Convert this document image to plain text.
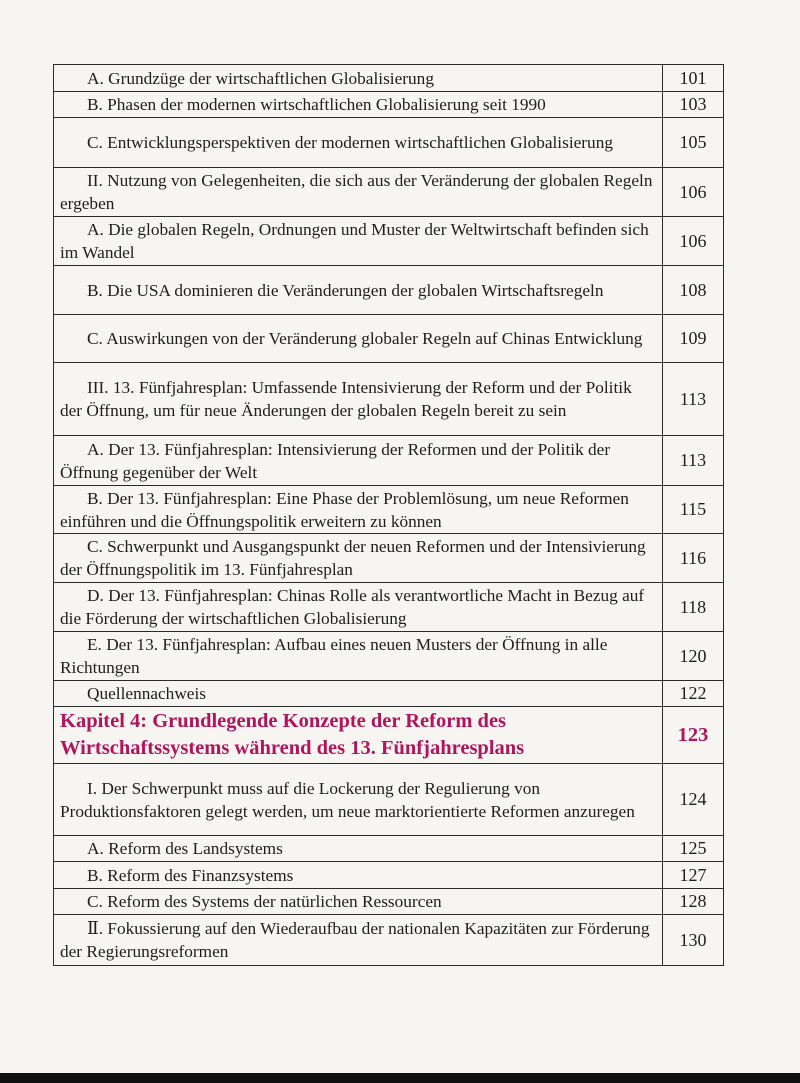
A. Grundzüge der wirtschaftlichen Globalisierung	101
B. Phasen der modernen wirtschaftlichen Globalisierung seit 1990	103
C. Entwicklungsperspektiven der modernen wirtschaftlichen Globalisierung	105
II. Nutzung von Gelegenheiten, die sich aus der Veränderung der globalen Regeln ergeben	106
A. Die globalen Regeln, Ordnungen und Muster der Weltwirtschaft befinden sich im Wandel	106
B. Die USA dominieren die Veränderungen der globalen Wirtschaftsregeln	108
C. Auswirkungen von der Veränderung globaler Regeln auf Chinas Entwicklung	109
III. 13. Fünfjahresplan: Umfassende Intensivierung der Reform und der Politik der Öffnung, um für neue Änderungen der globalen Regeln bereit zu sein	113
A. Der 13. Fünfjahresplan: Intensivierung der Reformen und der Politik der Öffnung gegenüber der Welt	113
B. Der 13. Fünfjahresplan: Eine Phase der Problemlösung, um neue Reformen einführen und die Öffnungspolitik erweitern zu können	115
C. Schwerpunkt und Ausgangspunkt der neuen Reformen und der Intensivierung der Öffnungspolitik im 13. Fünfjahresplan	116
D. Der 13. Fünfjahresplan: Chinas Rolle als verantwortliche Macht in Bezug auf die Förderung der wirtschaftlichen Globalisierung	118
E. Der 13. Fünfjahresplan: Aufbau eines neuen Musters der Öffnung in alle Richtungen	120
Quellennachweis	122
Kapitel 4: Grundlegende Konzepte der Reform des Wirtschaftssystems während des 13. Fünfjahresplans	123
I. Der Schwerpunkt muss auf die Lockerung der Regulierung von Produktionsfaktoren gelegt werden, um neue marktorientierte Reformen anzuregen	124
A. Reform des Landsystems	125
B. Reform des Finanzsystems	127
C. Reform des Systems der natürlichen Ressourcen	128
Ⅱ. Fokussierung auf den Wiederaufbau der nationalen Kapazitäten zur Förderung der Regierungsreformen	130
